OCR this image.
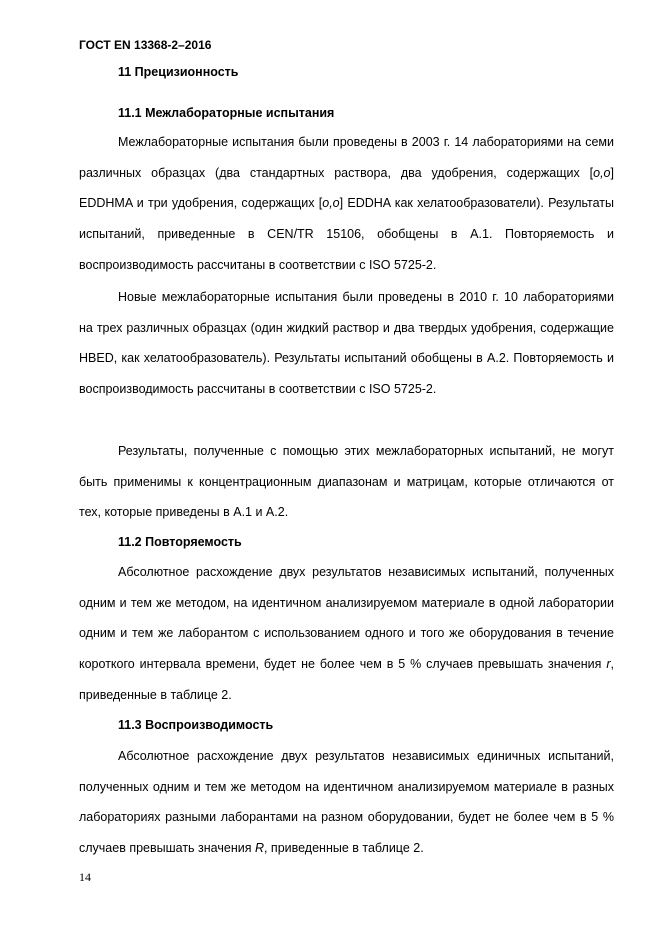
ГОСТ EN 13368-2–2016
11 Прецизионность
11.1 Межлабораторные испытания

Межлабораторные испытания были проведены в 2003 г. 14 лабораториями на семи различных образцах (два стандартных раствора, два удобрения, содержащих [o,o] EDDHMA и три удобрения, содержащих [o,o] EDDHA как хелатообразователи). Результаты испытаний, приведенные в CEN/TR 15106, обобщены в А.1. Повторяемость и воспроизводимость рассчитаны в соответствии с ISO 5725-2.

Новые межлабораторные испытания были проведены в 2010 г. 10 лабораториями на трех различных образцах (один жидкий раствор и два твердых удобрения, содержащие HBED, как хелатообразователь). Результаты испытаний обобщены в А.2. Повторяемость и воспроизводимость рассчитаны в соответствии с ISO 5725-2.

Результаты, полученные с помощью этих межлабораторных испытаний, не могут быть применимы к концентрационным диапазонам и матрицам, которые отличаются от тех, которые приведены в А.1 и А.2.

11.2 Повторяемость

Абсолютное расхождение двух результатов независимых испытаний, полученных одним и тем же методом, на идентичном анализируемом материале в одной лаборатории одним и тем же лаборантом с использованием одного и того же оборудования в течение короткого интервала времени, будет не более чем в 5 % случаев превышать значения r, приведенные в таблице 2.

11.3 Воспроизводимость

Абсолютное расхождение двух результатов независимых единичных испытаний, полученных одним и тем же методом на идентичном анализируемом материале в разных лабораториях разными лаборантами на разном оборудовании, будет не более чем в 5 % случаев превышать значения R, приведенные в таблице 2.

14
